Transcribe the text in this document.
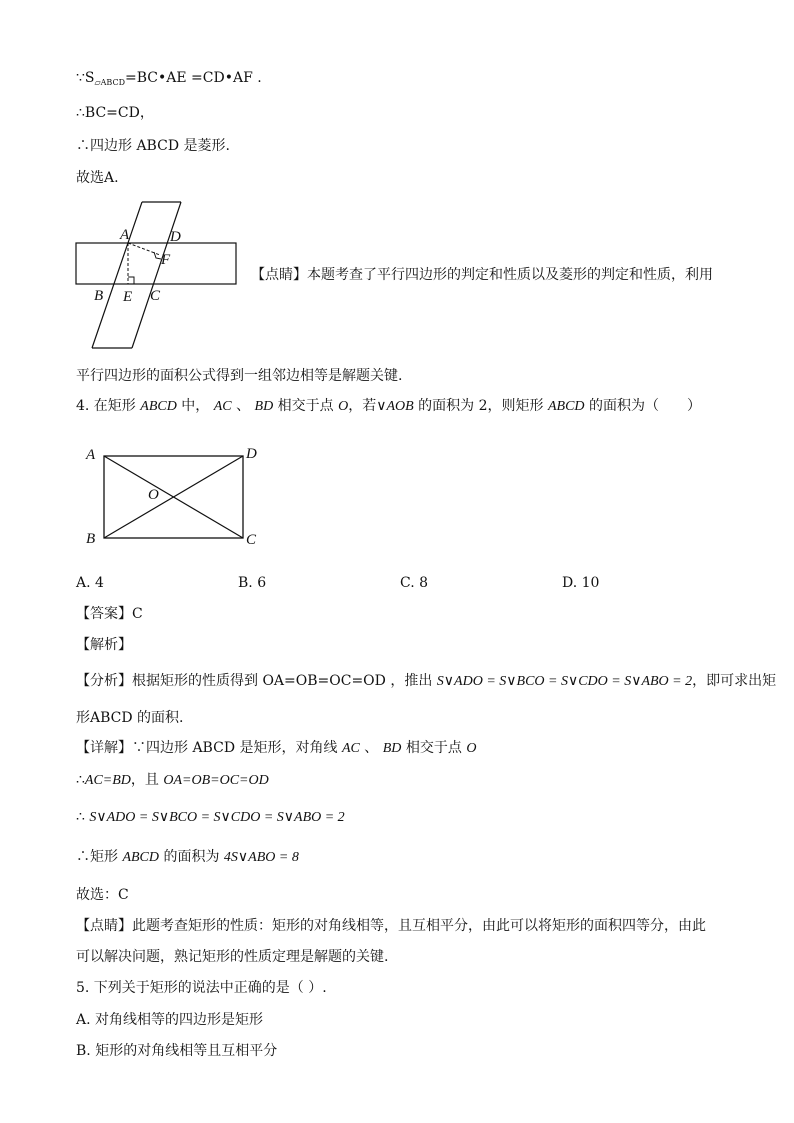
$\because S_{▱ABCD}=BC•AE$ =CD•AF .
∴BC=CD，
∴四边形 ABCD 是菱形.
故选A.
A	D
F
B E C
【点睛】本题考查了平行四边形的判定和性质以及菱形的判定和性质，利用
平行四边形的面积公式得到一组邻边相等是解题关键.
4. 在矩形 ABCD 中， AC 、 BD 相交于点 O，若∨AOB 的面积为 2，则矩形 ABCD 的面积为（　　）
A	D
O
B	C
A. 4	B. 6	C. 8	D. 10
【答案】C
【解析】
【分析】根据矩形的性质得到 OA=OB=OC=OD ，推出 S∨ADO = S∨BCO = S∨CDO = S∨ABO = 2，即可求出矩
形ABCD 的面积.
【详解】∵四边形 ABCD 是矩形，对角线 AC 、 BD 相交于点 O
∴AC=BD，且 OA=OB=OC=OD
∴ S∨ADO = S∨BCO = S∨CDO = S∨ABO = 2
∴矩形 ABCD 的面积为 4S∨ABO = 8
故选：C
【点睛】此题考查矩形的性质：矩形的对角线相等，且互相平分，由此可以将矩形的面积四等分，由此
可以解决问题，熟记矩形的性质定理是解题的关键.
5. 下列关于矩形的说法中正确的是（ ）.
A. 对角线相等的四边形是矩形
B. 矩形的对角线相等且互相平分
